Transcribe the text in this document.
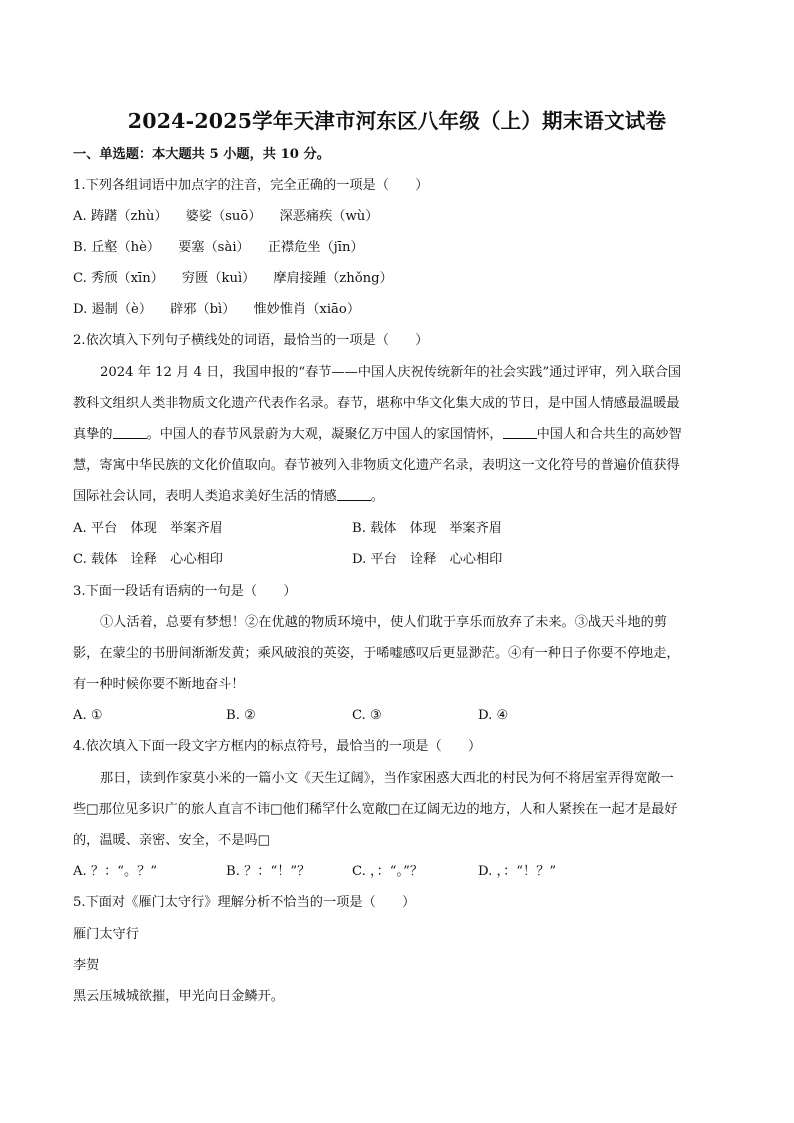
2024-2025学年天津市河东区八年级（上）期末语文试卷
一、单选题：本大题共 5 小题，共 10 分。
1.下列各组词语中加点字的注音，完全正确的一项是（　　）
A. 踌躇（zhù） 婆娑（suō） 深恶痛疾（wù）
B. 丘壑（hè） 要塞（sài） 正襟危坐（jīn）
C. 秀颀（xīn） 穷匮（kuì） 摩肩接踵（zhǒng）
D. 遏制（è） 辟邪（bì） 惟妙惟肖（xiāo）
2.依次填入下列句子横线处的词语，最恰当的一项是（　　）
2024 年 12 月 4 日，我国申报的“春节——中国人庆祝传统新年的社会实践”通过评审，列入联合国
教科文组织人类非物质文化遗产代表作名录。春节，堪称中华文化集大成的节日，是中国人情感最温暖最
真挚的	。中国人的春节风景蔚为大观，凝聚亿万中国人的家国情怀，	中国人和合共生的高妙智
慧，寄寓中华民族的文化价值取向。春节被列入非物质文化遗产名录，表明这一文化符号的普遍价值获得
国际社会认同，表明人类追求美好生活的情感	。
A. 平台　体现　举案齐眉	B. 载体　体现　举案齐眉
C. 载体　诠释　心心相印	D. 平台　诠释　心心相印
3.下面一段话有语病的一句是（　　）
①人活着，总要有梦想！②在优越的物质环境中，使人们耽于享乐而放弃了未来。③战天斗地的剪
影，在蒙尘的书册间渐渐发黄；乘风破浪的英姿，于唏嘘感叹后更显渺茫。④有一种日子你要不停地走，
有一种时候你要不断地奋斗！
A. ①	B. ②	C. ③	D. ④
4.依次填入下面一段文字方框内的标点符号，最恰当的一项是（　　）
那日，读到作家莫小米的一篇小文《天生辽阔》，当作家困惑大西北的村民为何不将居室弄得宽敞一
些□那位见多识广的旅人直言不讳□他们稀罕什么宽敞□在辽阔无边的地方，人和人紧挨在一起才是最好
的，温暖、亲密、安全，不是吗□
A. ？：“。？”	B. ？：“！”？	C. ，：“。”？	D. ，：“！？”
5.下面对《雁门太守行》理解分析不恰当的一项是（　　）
雁门太守行
李贺
黑云压城城欲摧，甲光向日金鳞开。
